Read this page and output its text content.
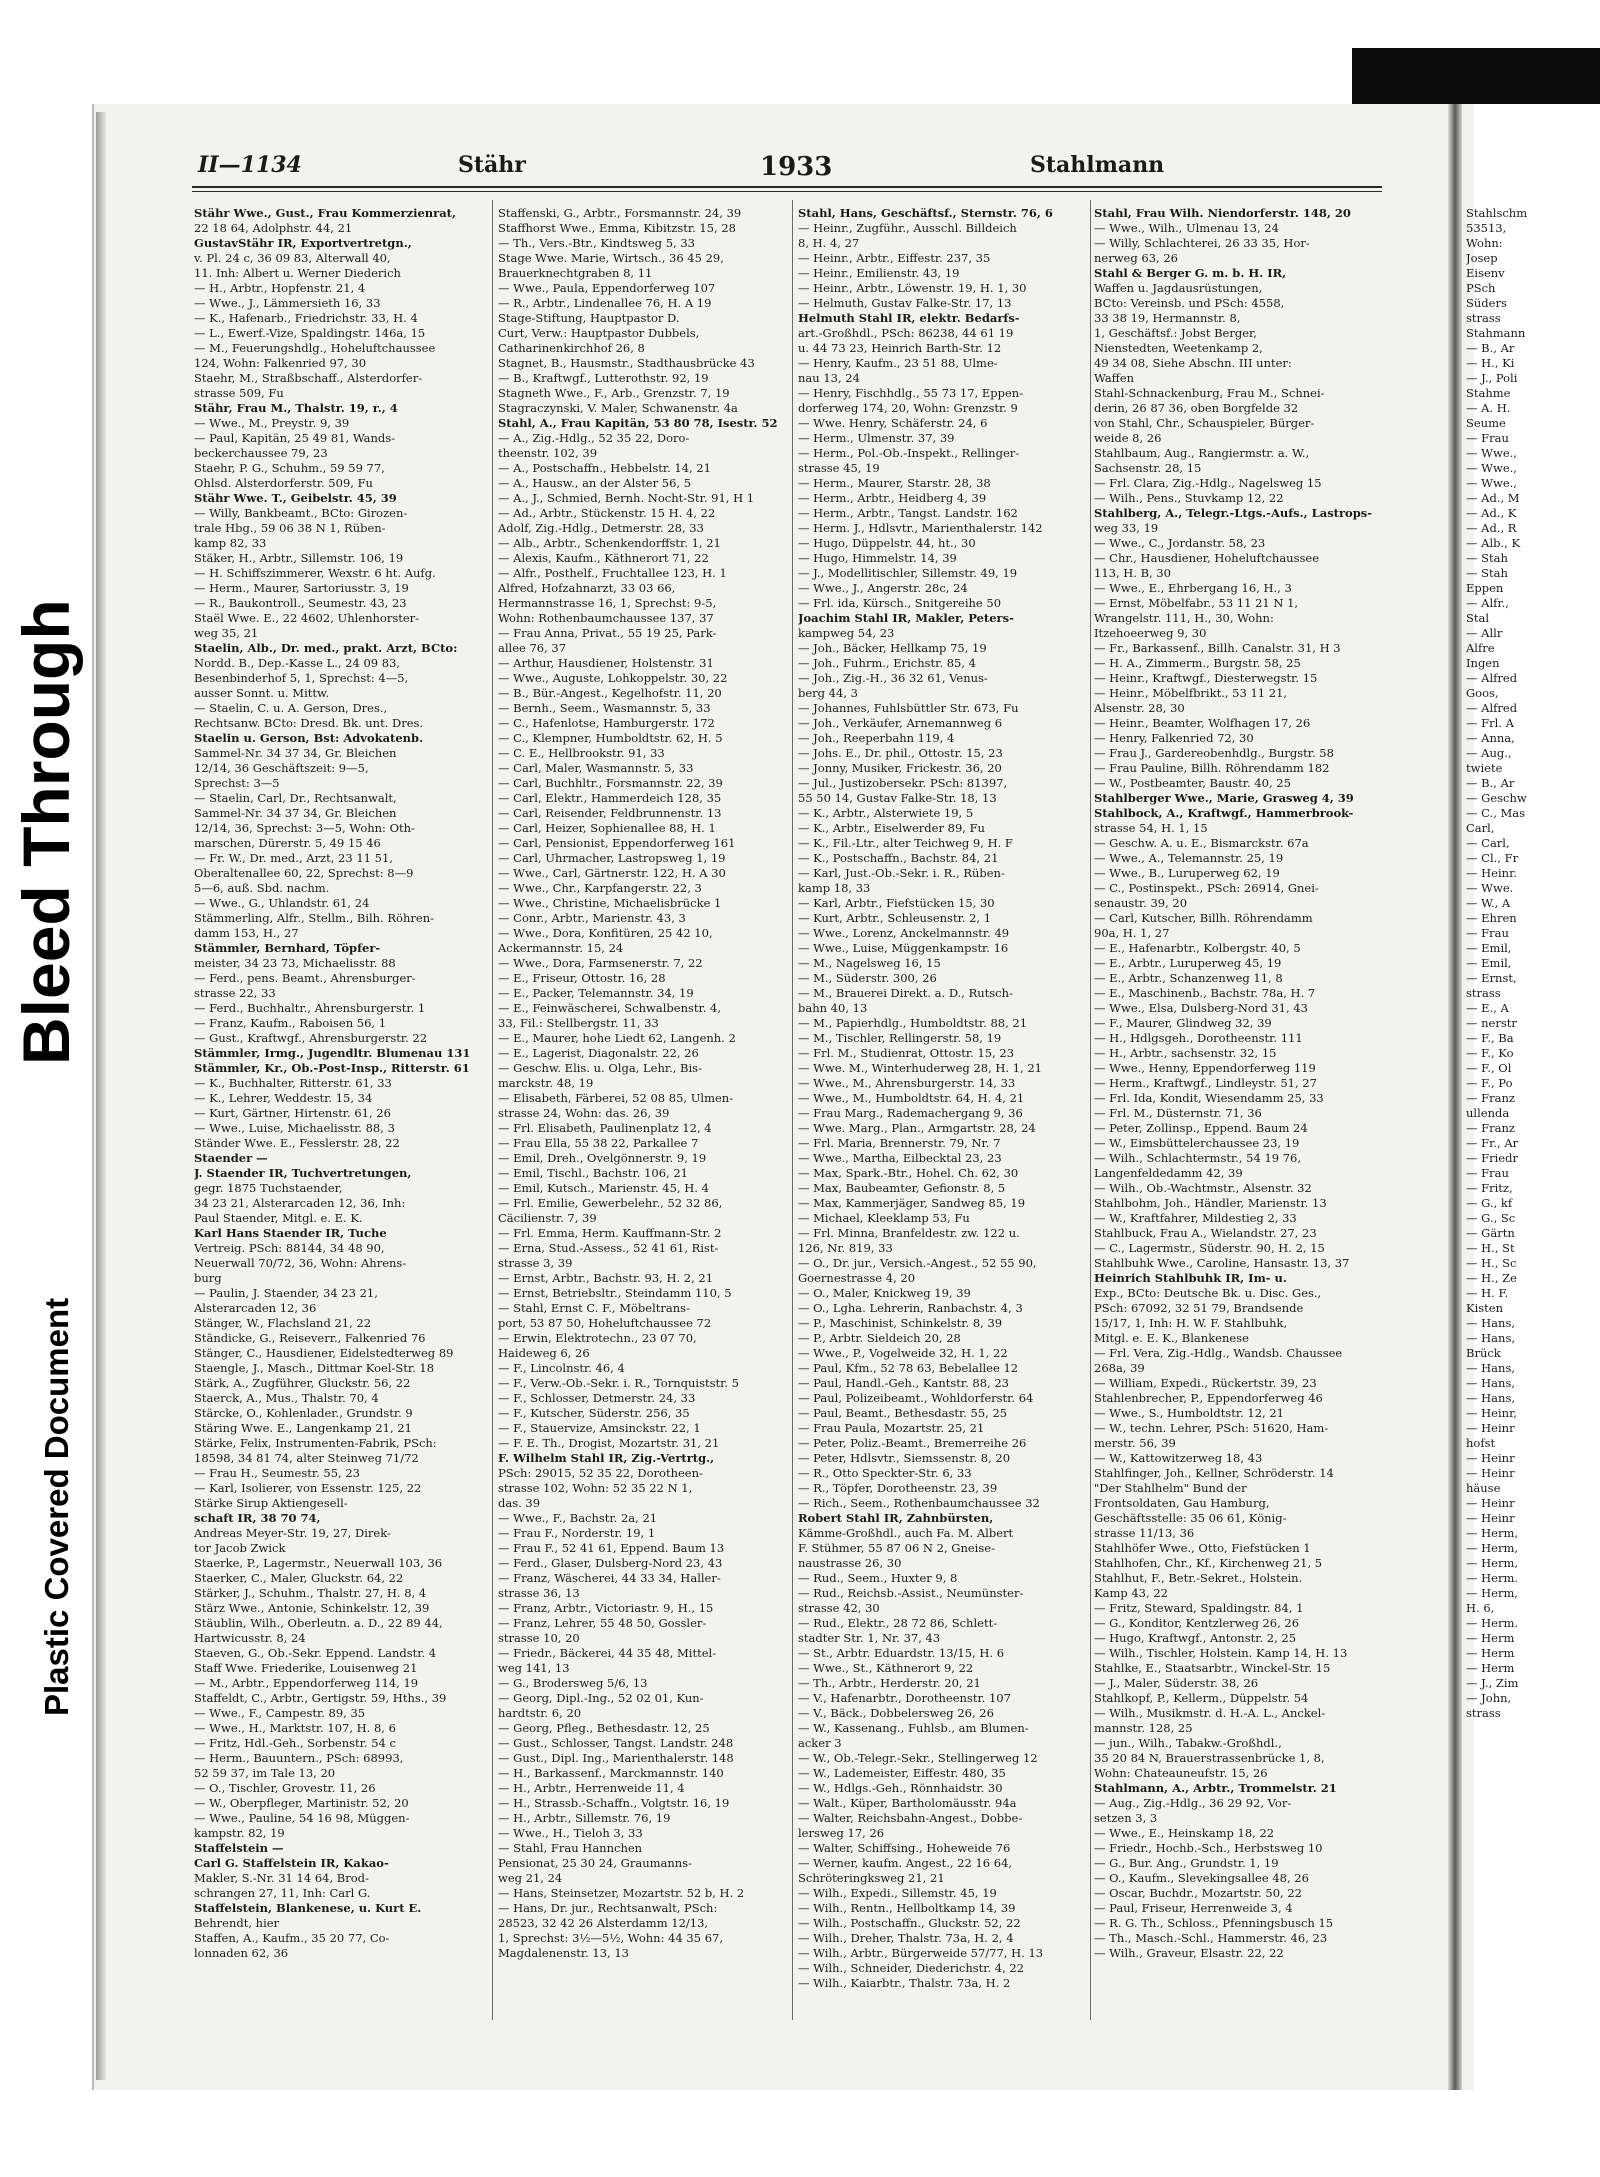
Bleed Through
Plastic Covered Document
II—1134	Stähr	1933	Stahlmann
Stähr Wwe., Gust., Frau Kommerzienrat,
22 18 64, Adolphstr. 44, 21
GustavStähr IR, Exportvertretgn.,
v. Pl. 24 c, 36 09 83, Alterwall 40,
11. Inh: Albert u. Werner Diederich
— H., Arbtr., Hopfenstr. 21, 4
— Wwe., J., Lämmersieth 16, 33
— K., Hafenarb., Friedrichstr. 33, H. 4
— L., Ewerf.-Vize, Spaldingstr. 146a, 15
— M., Feuerungshdlg., Hoheluftchaussee
124, Wohn: Falkenried 97, 30
Staehr, M., Straßbschaff., Alsterdorfer-
strasse 509, Fu
Stähr, Frau M., Thalstr. 19, r., 4
— Wwe., M., Preystr. 9, 39
— Paul, Kapitän, 25 49 81, Wands-
beckerchaussee 79, 23
Staehr, P. G., Schuhm., 59 59 77,
Ohlsd. Alsterdorferstr. 509, Fu
Stähr Wwe. T., Geibelstr. 45, 39
— Willy, Bankbeamt., BCto: Girozen-
trale Hbg., 59 06 38 N 1, Rüben-
kamp 82, 33
Stäker, H., Arbtr., Sillemstr. 106, 19
— H. Schiffszimmerer, Wexstr. 6 ht. Aufg.
— Herm., Maurer, Sartoriusstr. 3, 19
— R., Baukontroll., Seumestr. 43, 23
Staël Wwe. E., 22 4602, Uhlenhorster-
weg 35, 21
Staelin, Alb., Dr. med., prakt. Arzt, BCto:
Nordd. B., Dep.-Kasse L., 24 09 83,
Besenbinderhof 5, 1, Sprechst: 4—5,
ausser Sonnt. u. Mittw.
— Staelin, C. u. A. Gerson, Dres.,
Rechtsanw. BCto: Dresd. Bk. unt. Dres.
Staelin u. Gerson, Bst: Advokatenb.
Sammel-Nr. 34 37 34, Gr. Bleichen
12/14, 36 Geschäftszeit: 9—5,
Sprechst: 3—5
— Staelin, Carl, Dr., Rechtsanwalt,
Sammel-Nr. 34 37 34, Gr. Bleichen
12/14, 36, Sprechst: 3—5, Wohn: Oth-
marschen, Dürerstr. 5, 49 15 46
— Fr. W., Dr. med., Arzt, 23 11 51,
Oberaltenallee 60, 22, Sprechst: 8—9
5—6, auß. Sbd. nachm.
— Wwe., G., Uhlandstr. 61, 24
Stämmerling, Alfr., Stellm., Bilh. Röhren-
damm 153, H., 27
Stämmler, Bernhard, Töpfer-
meister, 34 23 73, Michaelisstr. 88
— Ferd., pens. Beamt., Ahrensburger-
strasse 22, 33
— Ferd., Buchhaltr., Ahrensburgerstr. 1
— Franz, Kaufm., Raboisen 56, 1
— Gust., Kraftwgf., Ahrensburgerstr. 22
Stämmler, Irmg., Jugendltr. Blumenau 131
Stämmler, Kr., Ob.-Post-Insp., Ritterstr. 61
— K., Buchhalter, Ritterstr. 61, 33
— K., Lehrer, Weddestr. 15, 34
— Kurt, Gärtner, Hirtenstr. 61, 26
— Wwe., Luise, Michaelisstr. 88, 3
Ständer Wwe. E., Fesslerstr. 28, 22
Staender —
J. Staender IR, Tuchvertretungen,
gegr. 1875 Tuchstaender,
34 23 21, Alsterarcaden 12, 36, Inh:
Paul Staender, Mitgl. e. E. K.
Karl Hans Staender IR, Tuche
Vertreig. PSch: 88144, 34 48 90,
Neuerwall 70/72, 36, Wohn: Ahrens-
burg
— Paulin, J. Staender, 34 23 21,
Alsterarcaden 12, 36
Stänger, W., Flachsland 21, 22
Ständicke, G., Reiseverr., Falkenried 76
Stänger, C., Hausdiener, Eidelstedterweg 89
Staengle, J., Masch., Dittmar Koel-Str. 18
Stärk, A., Zugführer, Gluckstr. 56, 22
Staerck, A., Mus., Thalstr. 70, 4
Stärcke, O., Kohlenlader., Grundstr. 9
Stäring Wwe. E., Langenkamp 21, 21
Stärke, Felix, Instrumenten-Fabrik, PSch:
18598, 34 81 74, alter Steinweg 71/72
— Frau H., Seumestr. 55, 23
— Karl, Isolierer, von Essenstr. 125, 22
Stärke Sirup Aktiengesell-
schaft IR, 38 70 74,
Andreas Meyer-Str. 19, 27, Direk-
tor Jacob Zwick
Staerke, P., Lagermstr., Neuerwall 103, 36
Staerker, C., Maler, Gluckstr. 64, 22
Stärker, J., Schuhm., Thalstr. 27, H. 8, 4
Stärz Wwe., Antonie, Schinkelstr. 12, 39
Stäublin, Wilh., Oberleutn. a. D., 22 89 44,
Hartwicusstr. 8, 24
Staeven, G., Ob.-Sekr. Eppend. Landstr. 4
Staff Wwe. Friederike, Louisenweg 21
— M., Arbtr., Eppendorferweg 114, 19
Staffeldt, C., Arbtr., Gertigstr. 59, Hths., 39
— Wwe., F., Campestr. 89, 35
— Wwe., H., Marktstr. 107, H. 8, 6
— Fritz, Hdl.-Geh., Sorbenstr. 54 c
— Herm., Bauuntern., PSch: 68993,
52 59 37, im Tale 13, 20
— O., Tischler, Grovestr. 11, 26
— W., Oberpfleger, Martinistr. 52, 20
— Wwe., Pauline, 54 16 98, Müggen-
kampstr. 82, 19
Staffelstein —
Carl G. Staffelstein IR, Kakao-
Makler, S.-Nr. 31 14 64, Brod-
schrangen 27, 11, Inh: Carl G.
Staffelstein, Blankenese, u. Kurt E.
Behrendt, hier
Staffen, A., Kaufm., 35 20 77, Co-
lonnaden 62, 36
Staffenski, G., Arbtr., Forsmannstr. 24, 39
Staffhorst Wwe., Emma, Kibitzstr. 15, 28
— Th., Vers.-Btr., Kindtsweg 5, 33
Stage Wwe. Marie, Wirtsch., 36 45 29,
Brauerknechtgraben 8, 11
— Wwe., Paula, Eppendorferweg 107
— R., Arbtr., Lindenallee 76, H. A 19
Stage-Stiftung, Hauptpastor D.
Curt, Verw.: Hauptpastor Dubbels,
Catharinenkirchhof 26, 8
Stagnet, B., Hausmstr., Stadthausbrücke 43
— B., Kraftwgf., Lutterothstr. 92, 19
Stagneth Wwe., F., Arb., Grenzstr. 7, 19
Stagraczynski, V. Maler, Schwanenstr. 4a
Stahl, A., Frau Kapitän, 53 80 78, Isestr. 52
— A., Zig.-Hdlg., 52 35 22, Doro-
theenstr. 102, 39
— A., Postschaffn., Hebbelstr. 14, 21
— A., Hausw., an der Alster 56, 5
— A., J., Schmied, Bernh. Nocht-Str. 91, H 1
— Ad., Arbtr., Stückenstr. 15 H. 4, 22
Adolf, Zig.-Hdlg., Detmerstr. 28, 33
— Alb., Arbtr., Schenkendorffstr. 1, 21
— Alexis, Kaufm., Käthnerort 71, 22
— Alfr., Posthelf., Fruchtallee 123, H. 1
Alfred, Hofzahnarzt, 33 03 66,
Hermannstrasse 16, 1, Sprechst: 9-5,
Wohn: Rothenbaumchaussee 137, 37
— Frau Anna, Privat., 55 19 25, Park-
allee 76, 37
— Arthur, Hausdiener, Holstenstr. 31
— Wwe., Auguste, Lohkoppelstr. 30, 22
— B., Bür.-Angest., Kegelhofstr. 11, 20
— Bernh., Seem., Wasmannstr. 5, 33
— C., Hafenlotse, Hamburgerstr. 172
— C., Klempner, Humboldtstr. 62, H. 5
— C. E., Hellbrookstr. 91, 33
— Carl, Maler, Wasmannstr. 5, 33
— Carl, Buchhltr., Forsmannstr. 22, 39
— Carl, Elektr., Hammerdeich 128, 35
— Carl, Reisender, Feldbrunnenstr. 13
— Carl, Heizer, Sophienallee 88, H. 1
— Carl, Pensionist, Eppendorferweg 161
— Carl, Uhrmacher, Lastropsweg 1, 19
— Wwe., Carl, Gärtnerstr. 122, H. A 30
— Wwe., Chr., Karpfangerstr. 22, 3
— Wwe., Christine, Michaelisbrücke 1
— Conr., Arbtr., Marienstr. 43, 3
— Wwe., Dora, Konfitüren, 25 42 10,
Ackermannstr. 15, 24
— Wwe., Dora, Farmsenerstr. 7, 22
— E., Friseur, Ottostr. 16, 28
— E., Packer, Telemannstr. 34, 19
— E., Feinwäscherei, Schwalbenstr. 4,
33, Fil.: Stellbergstr. 11, 33
— E., Maurer, hohe Liedt 62, Langenh. 2
— E., Lagerist, Diagonalstr. 22, 26
— Geschw. Elis. u. Olga, Lehr., Bis-
marckstr. 48, 19
— Elisabeth, Färberei, 52 08 85, Ulmen-
strasse 24, Wohn: das. 26, 39
— Frl. Elisabeth, Paulinenplatz 12, 4
— Frau Ella, 55 38 22, Parkallee 7
— Emil, Dreh., Ovelgönnerstr. 9, 19
— Emil, Tischl., Bachstr. 106, 21
— Emil, Kutsch., Marienstr. 45, H. 4
— Frl. Emilie, Gewerbelehr., 52 32 86,
Cäcilienstr. 7, 39
— Frl. Emma, Herm. Kauffmann-Str. 2
— Erna, Stud.-Assess., 52 41 61, Rist-
strasse 3, 39
— Ernst, Arbtr., Bachstr. 93, H. 2, 21
— Ernst, Betriebsltr., Steindamm 110, 5
— Stahl, Ernst C. F., Möbeltrans-
port, 53 87 50, Hoheluftchaussee 72
— Erwin, Elektrotechn., 23 07 70,
Haideweg 6, 26
— F., Lincolnstr. 46, 4
— F., Verw.-Ob.-Sekr. i. R., Tornquiststr. 5
— F., Schlosser, Detmerstr. 24, 33
— F., Kutscher, Süderstr. 256, 35
— F., Stauervize, Amsinckstr. 22, 1
— F. E. Th., Drogist, Mozartstr. 31, 21
F. Wilhelm Stahl IR, Zig.-Vertrtg.,
PSch: 29015, 52 35 22, Dorotheen-
strasse 102, Wohn: 52 35 22 N 1,
das. 39
— Wwe., F., Bachstr. 2a, 21
— Frau F., Norderstr. 19, 1
— Frau F., 52 41 61, Eppend. Baum 13
— Ferd., Glaser, Dulsberg-Nord 23, 43
— Franz, Wäscherei, 44 33 34, Haller-
strasse 36, 13
— Franz, Arbtr., Victoriastr. 9, H., 15
— Franz, Lehrer, 55 48 50, Gossler-
strasse 10, 20
— Friedr., Bäckerei, 44 35 48, Mittel-
weg 141, 13
— G., Brodersweg 5/6, 13
— Georg, Dipl.-Ing., 52 02 01, Kun-
hardtstr. 6, 20
— Georg, Pfleg., Bethesdastr. 12, 25
— Gust., Schlosser, Tangst. Landstr. 248
— Gust., Dipl. Ing., Marienthalerstr. 148
— H., Barkassenf., Marckmannstr. 140
— H., Arbtr., Herrenweide 11, 4
— H., Strassb.-Schaffn., Volgtstr. 16, 19
— H., Arbtr., Sillemstr. 76, 19
— Wwe., H., Tieloh 3, 33
— Stahl, Frau Hannchen
Pensionat, 25 30 24, Graumanns-
weg 21, 24
— Hans, Steinsetzer, Mozartstr. 52 b, H. 2
— Hans, Dr. jur., Rechtsanwalt, PSch:
28523, 32 42 26 Alsterdamm 12/13,
1, Sprechst: 3½—5½, Wohn: 44 35 67,
Magdalenenstr. 13, 13
Stahl, Hans, Geschäftsf., Sternstr. 76, 6
— Heinr., Zugführ., Ausschl. Billdeich
8, H. 4, 27
— Heinr., Arbtr., Eiffestr. 237, 35
— Heinr., Emilienstr. 43, 19
— Heinr., Arbtr., Löwenstr. 19, H. 1, 30
— Helmuth, Gustav Falke-Str. 17, 13
Helmuth Stahl IR, elektr. Bedarfs-
art.-Großhdl., PSch: 86238, 44 61 19
u. 44 73 23, Heinrich Barth-Str. 12
— Henry, Kaufm., 23 51 88, Ulme-
nau 13, 24
— Henry, Fischhdlg., 55 73 17, Eppen-
dorferweg 174, 20, Wohn: Grenzstr. 9
— Wwe. Henry, Schäferstr. 24, 6
— Herm., Ulmenstr. 37, 39
— Herm., Pol.-Ob.-Inspekt., Rellinger-
strasse 45, 19
— Herm., Maurer, Starstr. 28, 38
— Herm., Arbtr., Heidberg 4, 39
— Herm., Arbtr., Tangst. Landstr. 162
— Herm. J., Hdlsvtr., Marienthalerstr. 142
— Hugo, Düppelstr. 44, ht., 30
— Hugo, Himmelstr. 14, 39
— J., Modellitischler, Sillemstr. 49, 19
— Wwe., J., Angerstr. 28c, 24
— Frl. ida, Kürsch., Snitgereihe 50
Joachim Stahl IR, Makler, Peters-
kampweg 54, 23
— Joh., Bäcker, Hellkamp 75, 19
— Joh., Fuhrm., Erichstr. 85, 4
— Joh., Zig.-H., 36 32 61, Venus-
berg 44, 3
— Johannes, Fuhlsbüttler Str. 673, Fu
— Joh., Verkäufer, Arnemannweg 6
— Joh., Reeperbahn 119, 4
— Johs. E., Dr. phil., Ottostr. 15, 23
— Jonny, Musiker, Frickestr. 36, 20
— Jul., Justizobersekr. PSch: 81397,
55 50 14, Gustav Falke-Str. 18, 13
— K., Arbtr., Alsterwiete 19, 5
— K., Arbtr., Eiselwerder 89, Fu
— K., Fil.-Ltr., alter Teichweg 9, H. F
— K., Postschaffn., Bachstr. 84, 21
— Karl, Just.-Ob.-Sekr. i. R., Rüben-
kamp 18, 33
— Karl, Arbtr., Fiefstücken 15, 30
— Kurt, Arbtr., Schleusenstr. 2, 1
— Wwe., Lorenz, Anckelmannstr. 49
— Wwe., Luise, Müggenkampstr. 16
— M., Nagelsweg 16, 15
— M., Süderstr. 300, 26
— M., Brauerei Direkt. a. D., Rutsch-
bahn 40, 13
— M., Papierhdlg., Humboldtstr. 88, 21
— M., Tischler, Rellingerstr. 58, 19
— Frl. M., Studienrat, Ottostr. 15, 23
— Wwe. M., Winterhuderweg 28, H. 1, 21
— Wwe., M., Ahrensburgerstr. 14, 33
— Wwe., M., Humboldtstr. 64, H. 4, 21
— Frau Marg., Rademachergang 9, 36
— Wwe. Marg., Plan., Armgartstr. 28, 24
— Frl. Maria, Brennerstr. 79, Nr. 7
— Wwe., Martha, Eilbecktal 23, 23
— Max, Spark.-Btr., Hohel. Ch. 62, 30
— Max, Baubeamter, Gefionstr. 8, 5
— Max, Kammerjäger, Sandweg 85, 19
— Michael, Kleeklamp 53, Fu
— Frl. Minna, Branfeldestr. zw. 122 u.
126, Nr. 819, 33
— O., Dr. jur., Versich.-Angest., 52 55 90,
Goernestrasse 4, 20
— O., Maler, Knickweg 19, 39
— O., Lgha. Lehrerin, Ranbachstr. 4, 3
— P., Maschinist, Schinkelstr. 8, 39
— P., Arbtr. Sieldeich 20, 28
— Wwe., P., Vogelweide 32, H. 1, 22
— Paul, Kfm., 52 78 63, Bebelallee 12
— Paul, Handl.-Geh., Kantstr. 88, 23
— Paul, Polizeibeamt., Wohldorferstr. 64
— Paul, Beamt., Bethesdastr. 55, 25
— Frau Paula, Mozartstr. 25, 21
— Peter, Poliz.-Beamt., Bremerreihe 26
— Peter, Hdlsvtr., Siemssenstr. 8, 20
— R., Otto Speckter-Str. 6, 33
— R., Töpfer, Dorotheenstr. 23, 39
— Rich., Seem., Rothenbaumchaussee 32
Robert Stahl IR, Zahnbürsten,
Kämme-Großhdl., auch Fa. M. Albert
F. Stühmer, 55 87 06 N 2, Gneise-
naustrasse 26, 30
— Rud., Seem., Huxter 9, 8
— Rud., Reichsb.-Assist., Neumünster-
strasse 42, 30
— Rud., Elektr., 28 72 86, Schlett-
stadter Str. 1, Nr. 37, 43
— St., Arbtr. Eduardstr. 13/15, H. 6
— Wwe., St., Käthnerort 9, 22
— Th., Arbtr., Herderstr. 20, 21
— V., Hafenarbtr., Dorotheenstr. 107
— V., Bäck., Dobbelersweg 26, 26
— W., Kassenang., Fuhlsb., am Blumen-
acker 3
— W., Ob.-Telegr.-Sekr., Stellingerweg 12
— W., Lademeister, Eiffestr. 480, 35
— W., Hdlgs.-Geh., Rönnhaidstr. 30
— Walt., Küper, Bartholomäusstr. 94a
— Walter, Reichsbahn-Angest., Dobbe-
lersweg 17, 26
— Walter, Schiffsing., Hoheweide 76
— Werner, kaufm. Angest., 22 16 64,
Schröteringksweg 21, 21
— Wilh., Expedi., Sillemstr. 45, 19
— Wilh., Rentn., Hellboltkamp 14, 39
— Wilh., Postschaffn., Gluckstr. 52, 22
— Wilh., Dreher, Thalstr. 73a, H. 2, 4
— Wilh., Arbtr., Bürgerweide 57/77, H. 13
— Wilh., Schneider, Diederichstr. 4, 22
— Wilh., Kaiarbtr., Thalstr. 73a, H. 2
Stahl, Frau Wilh. Niendorferstr. 148, 20
— Wwe., Wilh., Ulmenau 13, 24
— Willy, Schlachterei, 26 33 35, Hor-
nerweg 63, 26
Stahl & Berger G. m. b. H. IR,
Waffen u. Jagdausrüstungen,
BCto: Vereinsb. und PSch: 4558,
33 38 19, Hermannstr. 8,
1, Geschäftsf.: Jobst Berger,
Nienstedten, Weetenkamp 2,
49 34 08, Siehe Abschn. III unter:
Waffen
Stahl-Schnackenburg, Frau M., Schnei-
derin, 26 87 36, oben Borgfelde 32
von Stahl, Chr., Schauspieler, Bürger-
weide 8, 26
Stahlbaum, Aug., Rangiermstr. a. W.,
Sachsenstr. 28, 15
— Frl. Clara, Zig.-Hdlg., Nagelsweg 15
— Wilh., Pens., Stuvkamp 12, 22
Stahlberg, A., Telegr.-Ltgs.-Aufs., Lastrops-
weg 33, 19
— Wwe., C., Jordanstr. 58, 23
— Chr., Hausdiener, Hoheluftchaussee
113, H. B, 30
— Wwe., E., Ehrbergang 16, H., 3
— Ernst, Möbelfabr., 53 11 21 N 1,
Wrangelstr. 111, H., 30, Wohn:
Itzehoeerweg 9, 30
— Fr., Barkassenf., Billh. Canalstr. 31, H 3
— H. A., Zimmerm., Burgstr. 58, 25
— Heinr., Kraftwgf., Diesterwegstr. 15
— Heinr., Möbelfbrikt., 53 11 21,
Alsenstr. 28, 30
— Heinr., Beamter, Wolfhagen 17, 26
— Henry, Falkenried 72, 30
— Frau J., Gardereobenhdlg., Burgstr. 58
— Frau Pauline, Billh. Röhrendamm 182
— W., Postbeamter, Baustr. 40, 25
Stahlberger Wwe., Marie, Grasweg 4, 39
Stahlbock, A., Kraftwgf., Hammerbrook-
strasse 54, H. 1, 15
— Geschw. A. u. E., Bismarckstr. 67a
— Wwe., A., Telemannstr. 25, 19
— Wwe., B., Luruperweg 62, 19
— C., Postinspekt., PSch: 26914, Gnei-
senaustr. 39, 20
— Carl, Kutscher, Billh. Röhrendamm
90a, H. 1, 27
— E., Hafenarbtr., Kolbergstr. 40, 5
— E., Arbtr., Luruperweg 45, 19
— E., Arbtr., Schanzenweg 11, 8
— E., Maschinenb., Bachstr. 78a, H. 7
— Wwe., Elsa, Dulsberg-Nord 31, 43
— F., Maurer, Glindweg 32, 39
— H., Hdlgsgeh., Dorotheenstr. 111
— H., Arbtr., sachsenstr. 32, 15
— Wwe., Henny, Eppendorferweg 119
— Herm., Kraftwgf., Lindleystr. 51, 27
— Frl. Ida, Kondit, Wiesendamm 25, 33
— Frl. M., Düsternstr. 71, 36
— Peter, Zollinsp., Eppend. Baum 24
— W., Eimsbüttelerchaussee 23, 19
— Wilh., Schlachtermstr., 54 19 76,
Langenfeldedamm 42, 39
— Wilh., Ob.-Wachtmstr., Alsenstr. 32
Stahlbohm, Joh., Händler, Marienstr. 13
— W., Kraftfahrer, Mildestieg 2, 33
Stahlbuck, Frau A., Wielandstr. 27, 23
— C., Lagermstr., Süderstr. 90, H. 2, 15
Stahlbuhk Wwe., Caroline, Hansastr. 13, 37
Heinrich Stahlbuhk IR, Im- u.
Exp., BCto: Deutsche Bk. u. Disc. Ges.,
PSch: 67092, 32 51 79, Brandsende
15/17, 1, Inh: H. W. F. Stahlbuhk,
Mitgl. e. E. K., Blankenese
— Frl. Vera, Zig.-Hdlg., Wandsb. Chaussee
268a, 39
— William, Expedi., Rückertstr. 39, 23
Stahlenbrecher, P., Eppendorferweg 46
— Wwe., S., Humboldtstr. 12, 21
— W., techn. Lehrer, PSch: 51620, Ham-
merstr. 56, 39
— W., Kattowitzerweg 18, 43
Stahlfinger, Joh., Kellner, Schröderstr. 14
"Der Stahlhelm" Bund der
Frontsoldaten, Gau Hamburg,
Geschäftsstelle: 35 06 61, König-
strasse 11/13, 36
Stahlhöfer Wwe., Otto, Fiefstücken 1
Stahlhofen, Chr., Kf., Kirchenweg 21, 5
Stahlhut, F., Betr.-Sekret., Holstein.
Kamp 43, 22
— Fritz, Steward, Spaldingstr. 84, 1
— G., Konditor, Kentzlerweg 26, 26
— Hugo, Kraftwgf., Antonstr. 2, 25
— Wilh., Tischler, Holstein. Kamp 14, H. 13
Stahlke, E., Staatsarbtr., Winckel-Str. 15
— J., Maler, Süderstr. 38, 26
Stahlkopf, P., Kellerm., Düppelstr. 54
— Wilh., Musikmstr. d. H.-A. L., Anckel-
mannstr. 128, 25
— jun., Wilh., Tabakw.-Großhdl.,
35 20 84 N, Brauerstrassenbrücke 1, 8,
Wohn: Chateauneufstr. 15, 26
Stahlmann, A., Arbtr., Trommelstr. 21
— Aug., Zig.-Hdlg., 36 29 92, Vor-
setzen 3, 3
— Wwe., E., Heinskamp 18, 22
— Friedr., Hochb.-Sch., Herbstsweg 10
— G., Bur. Ang., Grundstr. 1, 19
— O., Kaufm., Slevekingsallee 48, 26
— Oscar, Buchdr., Mozartstr. 50, 22
— Paul, Friseur, Herrenweide 3, 4
— R. G. Th., Schloss., Pfenningsbusch 15
— Th., Masch.-Schl., Hammerstr. 46, 23
— Wilh., Graveur, Elsastr. 22, 22
Stahlschm
53513,
Wohn:
Josep
Eisenv
PSch
Süders
strass
Stahmann
— B., Ar
— H., Ki
— J., Poli
Stahme
— A. H.
Seume
— Frau
— Wwe.,
— Wwe.,
— Wwe.,
— Ad., M
— Ad., K
— Ad., R
— Alb., K
— Stah
— Stah
Eppen
— Alfr.,
Stal
— Allr
Alfre
Ingen
— Alfred
Goos,
— Alfred
— Frl. A
— Anna,
— Aug.,
twiete
— B., Ar
— Geschw
— C., Mas
Carl,
— Carl,
— Cl., Fr
— Heinr.
— Wwe.
— W., A
— Ehren
— Frau
— Emil,
— Emil,
— Ernst,
strass
— E., A
— nerstr
— F., Ba
— F., Ko
— F., Ol
— F., Po
— Franz
ullenda
— Franz
— Fr., Ar
— Friedr
— Frau
— Fritz,
— G., kf
— G., Sc
— Gärtn
— H., St
— H., Sc
— H., Ze
— H. F.
Kisten
— Hans,
— Hans,
Brück
— Hans,
— Hans,
— Hans,
— Heinr,
— Heinr
hofst
— Heinr
— Heinr
häuse
— Heinr
— Heinr
— Herm,
— Herm,
— Herm,
— Herm.
— Herm,
H. 6,
— Herm.
— Herm
— Herm
— Herm
— J., Zim
— John,
strass
